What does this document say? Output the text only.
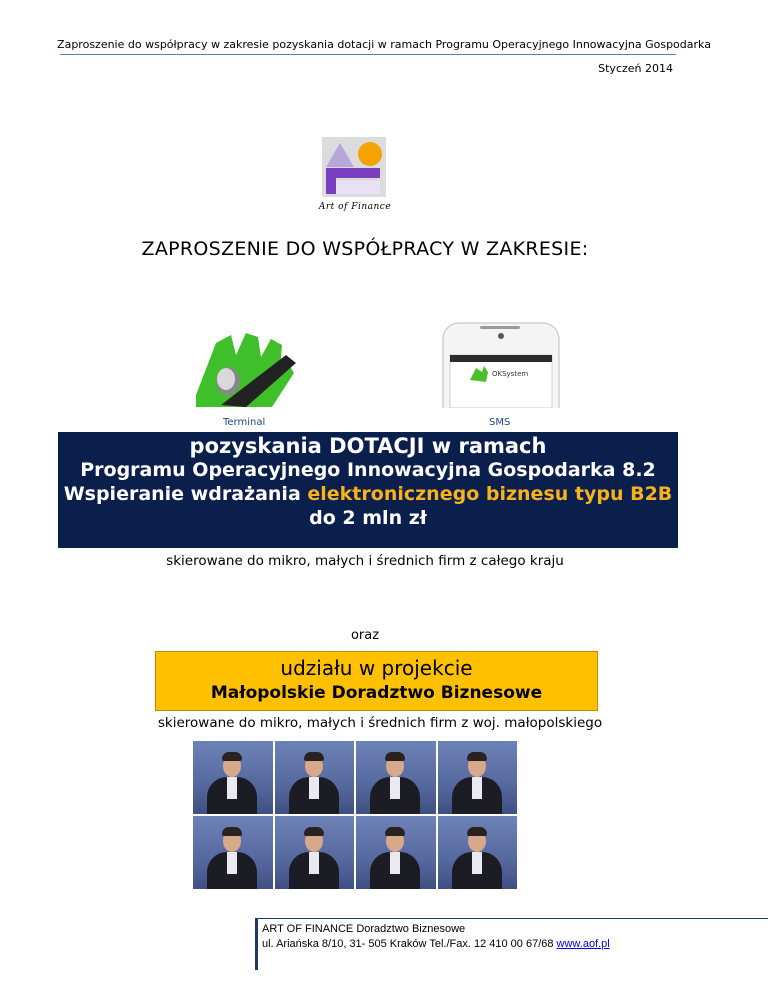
Zaproszenie do współpracy w zakresie pozyskania dotacji w ramach Programu Operacyjnego Innowacyjna Gospodarka
Styczeń 2014
Art of Finance
ZAPROSZENIE DO WSPÓŁPRACY W ZAKRESIE:
OKSystem
Terminal	SMS
pozyskania DOTACJI w ramach
Programu Operacyjnego Innowacyjna Gospodarka 8.2
Wspieranie wdrażania elektronicznego biznesu typu B2B
do 2 mln zł
skierowane do mikro, małych i średnich firm z całego kraju
oraz
udziału w projekcie
Małopolskie Doradztwo Biznesowe
skierowane do mikro, małych i średnich firm z woj. małopolskiego
ART OF FINANCE Doradztwo Biznesowe
ul. Ariańska 8/10, 31- 505 Kraków Tel./Fax. 12 410 00 67/68 www.aof.pl
